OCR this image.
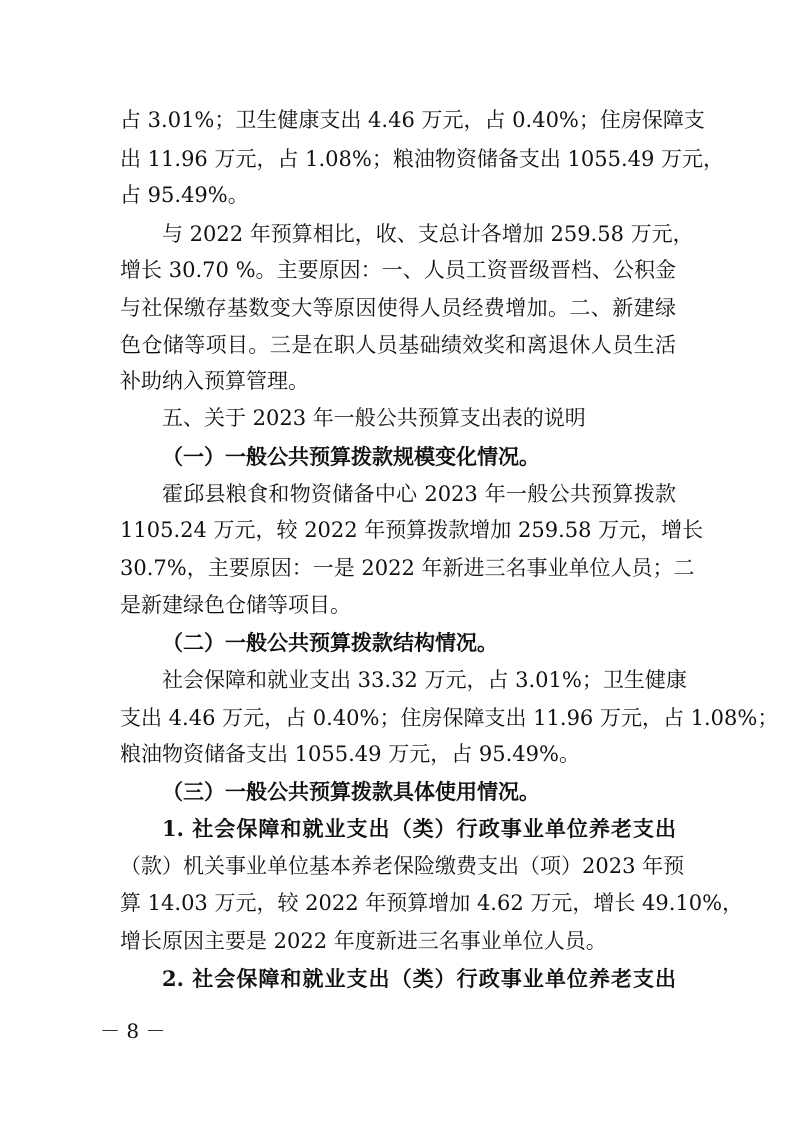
占 3.01%；卫生健康支出 4.46 万元，占 0.40%；住房保障支
出 11.96 万元，占 1.08%；粮油物资储备支出 1055.49 万元，
占 95.49%。
与 2022 年预算相比，收、支总计各增加 259.58 万元，
增长 30.70 %。主要原因：一、人员工资晋级晋档、公积金
与社保缴存基数变大等原因使得人员经费增加。二、新建绿
色仓储等项目。三是在职人员基础绩效奖和离退休人员生活
补助纳入预算管理。
五、关于 2023 年一般公共预算支出表的说明
（一）一般公共预算拨款规模变化情况。
霍邱县粮食和物资储备中心 2023 年一般公共预算拨款
1105.24 万元，较 2022 年预算拨款增加 259.58 万元，增长
30.7%，主要原因：一是 2022 年新进三名事业单位人员；二
是新建绿色仓储等项目。
（二）一般公共预算拨款结构情况。
社会保障和就业支出 33.32 万元，占 3.01%；卫生健康
支出 4.46 万元，占 0.40%；住房保障支出 11.96 万元，占 1.08%；
粮油物资储备支出 1055.49 万元，占 95.49%。
（三）一般公共预算拨款具体使用情况。
1. 社会保障和就业支出（类）行政事业单位养老支出
（款）机关事业单位基本养老保险缴费支出（项）2023 年预
算 14.03 万元，较 2022 年预算增加 4.62 万元，增长 49.10%，
增长原因主要是 2022 年度新进三名事业单位人员。
2. 社会保障和就业支出（类）行政事业单位养老支出
－ 8 －
